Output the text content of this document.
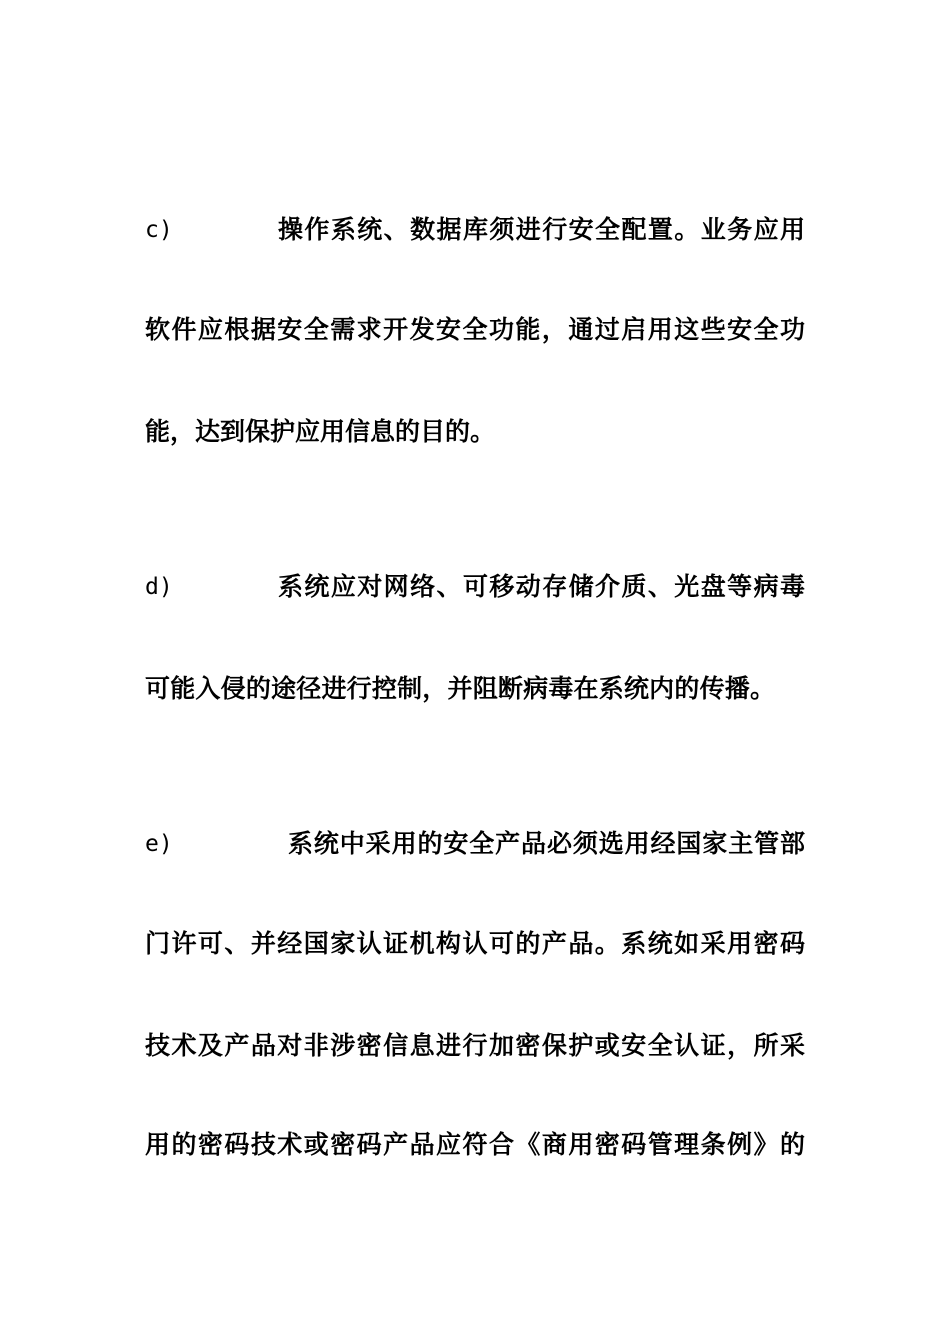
c)	操作系统、数据库须进行安全配置。业务应用
软件应根据安全需求开发安全功能，通过启用这些安全功
能，达到保护应用信息的目的。
d)	系统应对网络、可移动存储介质、光盘等病毒
可能入侵的途径进行控制，并阻断病毒在系统内的传播。
e)	系统中采用的安全产品必须选用经国家主管部
门许可、并经国家认证机构认可的产品。系统如采用密码
技术及产品对非涉密信息进行加密保护或安全认证，所采
用的密码技术或密码产品应符合《商用密码管理条例》的
